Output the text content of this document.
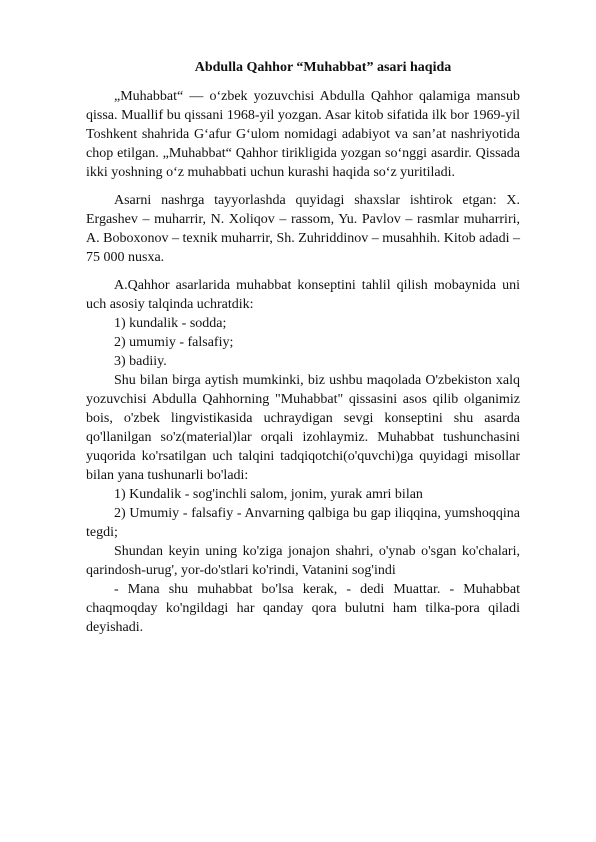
Abdulla Qahhor “Muhabbat” asari haqida

„Muhabbat“ — o‘zbek yozuvchisi Abdulla Qahhor qalamiga mansub qissa. Muallif bu qissani 1968-yil yozgan. Asar kitob sifatida ilk bor 1969-yil Toshkent shahrida G‘afur G‘ulom nomidagi adabiyot va san’at nashriyotida chop etilgan. „Muhabbat“ Qahhor tirikligida yozgan so‘nggi asardir. Qissada ikki yoshning o‘z muhabbati uchun kurashi haqida so‘z yuritiladi.

Asarni nashrga tayyorlashda quyidagi shaxslar ishtirok etgan: X. Ergashev – muharrir, N. Xoliqov – rassom, Yu. Pavlov – rasmlar muharriri, A. Boboxonov – texnik muharrir, Sh. Zuhriddinov – musahhih. Kitob adadi – 75 000 nusxa.

A.Qahhor asarlarida muhabbat konseptini tahlil qilish mobaynida uni uch asosiy talqinda uchratdik:

1) kundalik - sodda;

2) umumiy - falsafiy;

3) badiiy.

Shu bilan birga aytish mumkinki, biz ushbu maqolada O'zbekiston xalq yozuvchisi Abdulla Qahhorning "Muhabbat" qissasini asos qilib olganimiz bois, o'zbek lingvistikasida uchraydigan sevgi konseptini shu asarda qo'llanilgan so'z(material)lar orqali izohlaymiz. Muhabbat tushunchasini yuqorida ko'rsatilgan uch talqini tadqiqotchi(o'quvchi)ga quyidagi misollar bilan yana tushunarli bo'ladi:

1) Kundalik - sog'inchli salom, jonim, yurak amri bilan

2) Umumiy - falsafiy - Anvarning qalbiga bu gap iliqqina, yumshoqqina tegdi;

Shundan keyin uning ko'ziga jonajon shahri, o'ynab o'sgan ko'chalari, qarindosh-urug', yor-do'stlari ko'rindi, Vatanini sog'indi

- Mana shu muhabbat bo'lsa kerak, - dedi Muattar. - Muhabbat chaqmoqday ko'ngildagi har qanday qora bulutni ham tilka-pora qiladi deyishadi.
